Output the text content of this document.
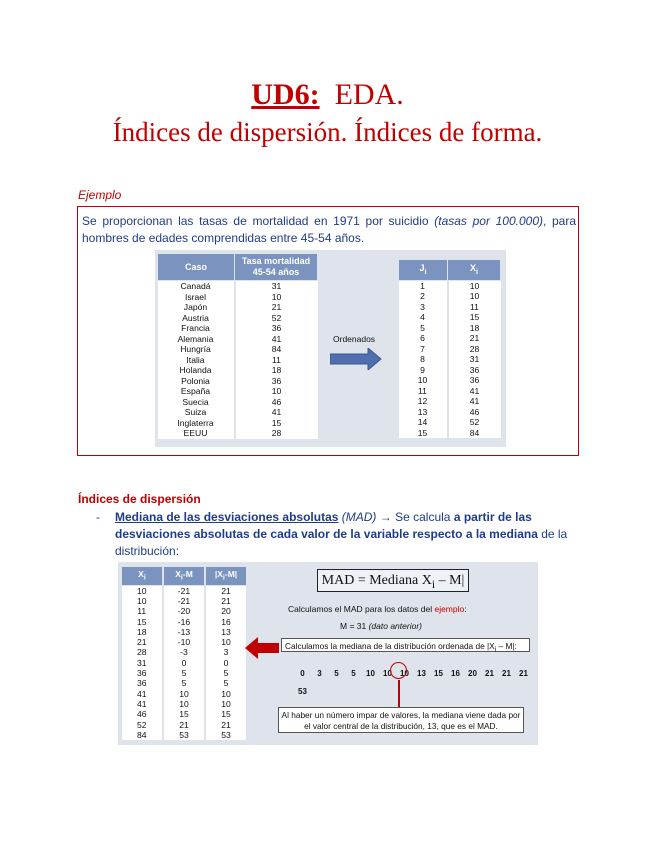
UD6: EDA.
Índices de dispersión. Índices de forma.
Ejemplo
Se proporcionan las tasas de mortalidad en 1971 por suicidio (tasas por 100.000), para hombres de edades comprendidas entre 45-54 años.
Caso	Tasa mortalidad 45-54 años
Canadá	31
Israel	10
Japón	21
Austria	52
Francia	36
Alemania	41
Hungría	84
Italia	11
Holanda	18
Polonia	36
España	10
Suecia	46
Suiza	41
Inglaterra	15
EEUU	28
Ordenados
$J_i$	$X_i$
1	10
2	10
3	11
4	15
5	18
6	21
7	28
8	31
9	36
10	36
11	41
12	41
13	46
14	52
15	84
Índices de dispersión
- Mediana de las desviaciones absolutas (MAD) → Se calcula a partir de las desviaciones absolutas de cada valor de la variable respecto a la mediana de la distribución:
$X_i$	$X_i-M$	$|X_i-M|$
10	-21	21
10	-21	21
11	-20	20
15	-16	16
18	-13	13
21	-10	10
28	-3	3
31	0	0
36	5	5
36	5	5
41	10	10
41	10	10
46	15	15
52	21	21
84	53	53
MAD = Mediana $X_i - M|$
Calculamos el MAD para los datos del ejemplo:
M = 31 (dato anterior)
Calculamos la mediana de la distribución ordenada de $|X_i - M|$:
0 3 5 5 10 10 10 13 15 16 20 21 21 2153
Al haber un número impar de valores, la mediana viene dada por el valor central de la distribución, 13, que es el MAD.
